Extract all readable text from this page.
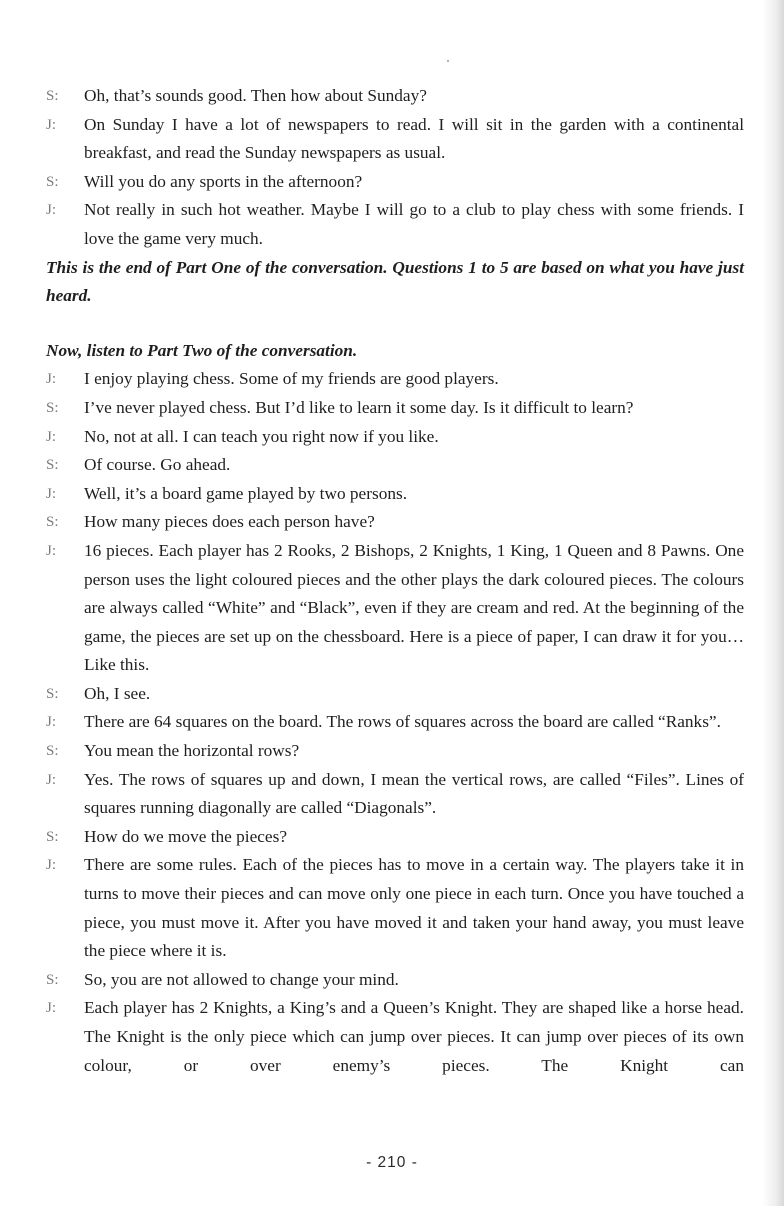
S:	Oh, that’s sounds good. Then how about Sunday?
J:	On Sunday I have a lot of newspapers to read. I will sit in the garden with a continental breakfast, and read the Sunday newspapers as usual.
S:	Will you do any sports in the afternoon?
J:	Not really in such hot weather. Maybe I will go to a club to play chess with some friends. I love the game very much.
This is the end of Part One of the conversation. Questions 1 to 5 are based on what you have just heard.
Now, listen to Part Two of the conversation.
J:	I enjoy playing chess. Some of my friends are good players.
S:	I’ve never played chess. But I’d like to learn it some day. Is it difficult to learn?
J:	No, not at all. I can teach you right now if you like.
S:	Of course. Go ahead.
J:	Well, it’s a board game played by two persons.
S:	How many pieces does each person have?
J:	16 pieces. Each player has 2 Rooks, 2 Bishops, 2 Knights, 1 King, 1 Queen and 8 Pawns. One person uses the light coloured pieces and the other plays the dark coloured pieces. The colours are always called “White” and “Black”, even if they are cream and red. At the beginning of the game, the pieces are set up on the chessboard. Here is a piece of paper, I can draw it for you… Like this.
S:	Oh, I see.
J:	There are 64 squares on the board. The rows of squares across the board are called “Ranks”.
S:	You mean the horizontal rows?
J:	Yes. The rows of squares up and down, I mean the vertical rows, are called “Files”. Lines of squares running diagonally are called “Diagonals”.
S:	How do we move the pieces?
J:	There are some rules. Each of the pieces has to move in a certain way. The players take it in turns to move their pieces and can move only one piece in each turn. Once you have touched a piece, you must move it. After you have moved it and taken your hand away, you must leave the piece where it is.
S:	So, you are not allowed to change your mind.
J:	Each player has 2 Knights, a King’s and a Queen’s Knight. They are shaped like a horse head. The Knight is the only piece which can jump over pieces. It can jump over pieces of its own colour, or over enemy’s pieces. The Knight can
- 210 -
